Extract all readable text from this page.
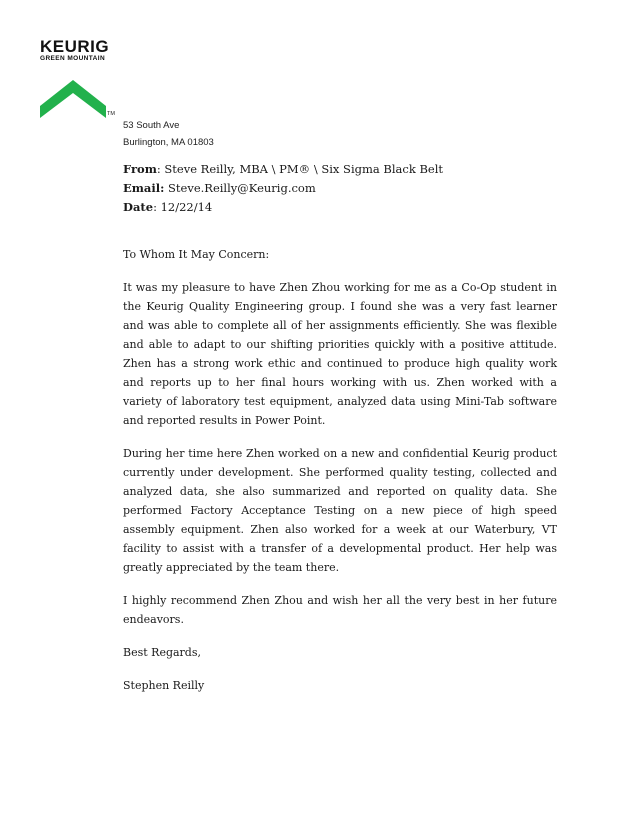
KEURIG
GREEN MOUNTAIN
TM
53 South Ave
Burlington, MA 01803
From: Steve Reilly, MBA \ PM® \ Six Sigma Black Belt
Email: Steve.Reilly@Keurig.com
Date: 12/22/14

To Whom It May Concern:

It was my pleasure to have Zhen Zhou working for me as a Co-Op student in the Keurig Quality Engineering group. I found she was a very fast learner and was able to complete all of her assignments efficiently. She was flexible and able to adapt to our shifting priorities quickly with a positive attitude. Zhen has a strong work ethic and continued to produce high quality work and reports up to her final hours working with us. Zhen worked with a variety of laboratory test equipment, analyzed data using Mini-Tab software and reported results in Power Point.

During her time here Zhen worked on a new and confidential Keurig product currently under development. She performed quality testing, collected and analyzed data, she also summarized and reported on quality data. She performed Factory Acceptance Testing on a new piece of high speed assembly equipment. Zhen also worked for a week at our Waterbury, VT facility to assist with a transfer of a developmental product. Her help was greatly appreciated by the team there.

I highly recommend Zhen Zhou and wish her all the very best in her future endeavors.

Best Regards,

Stephen Reilly
